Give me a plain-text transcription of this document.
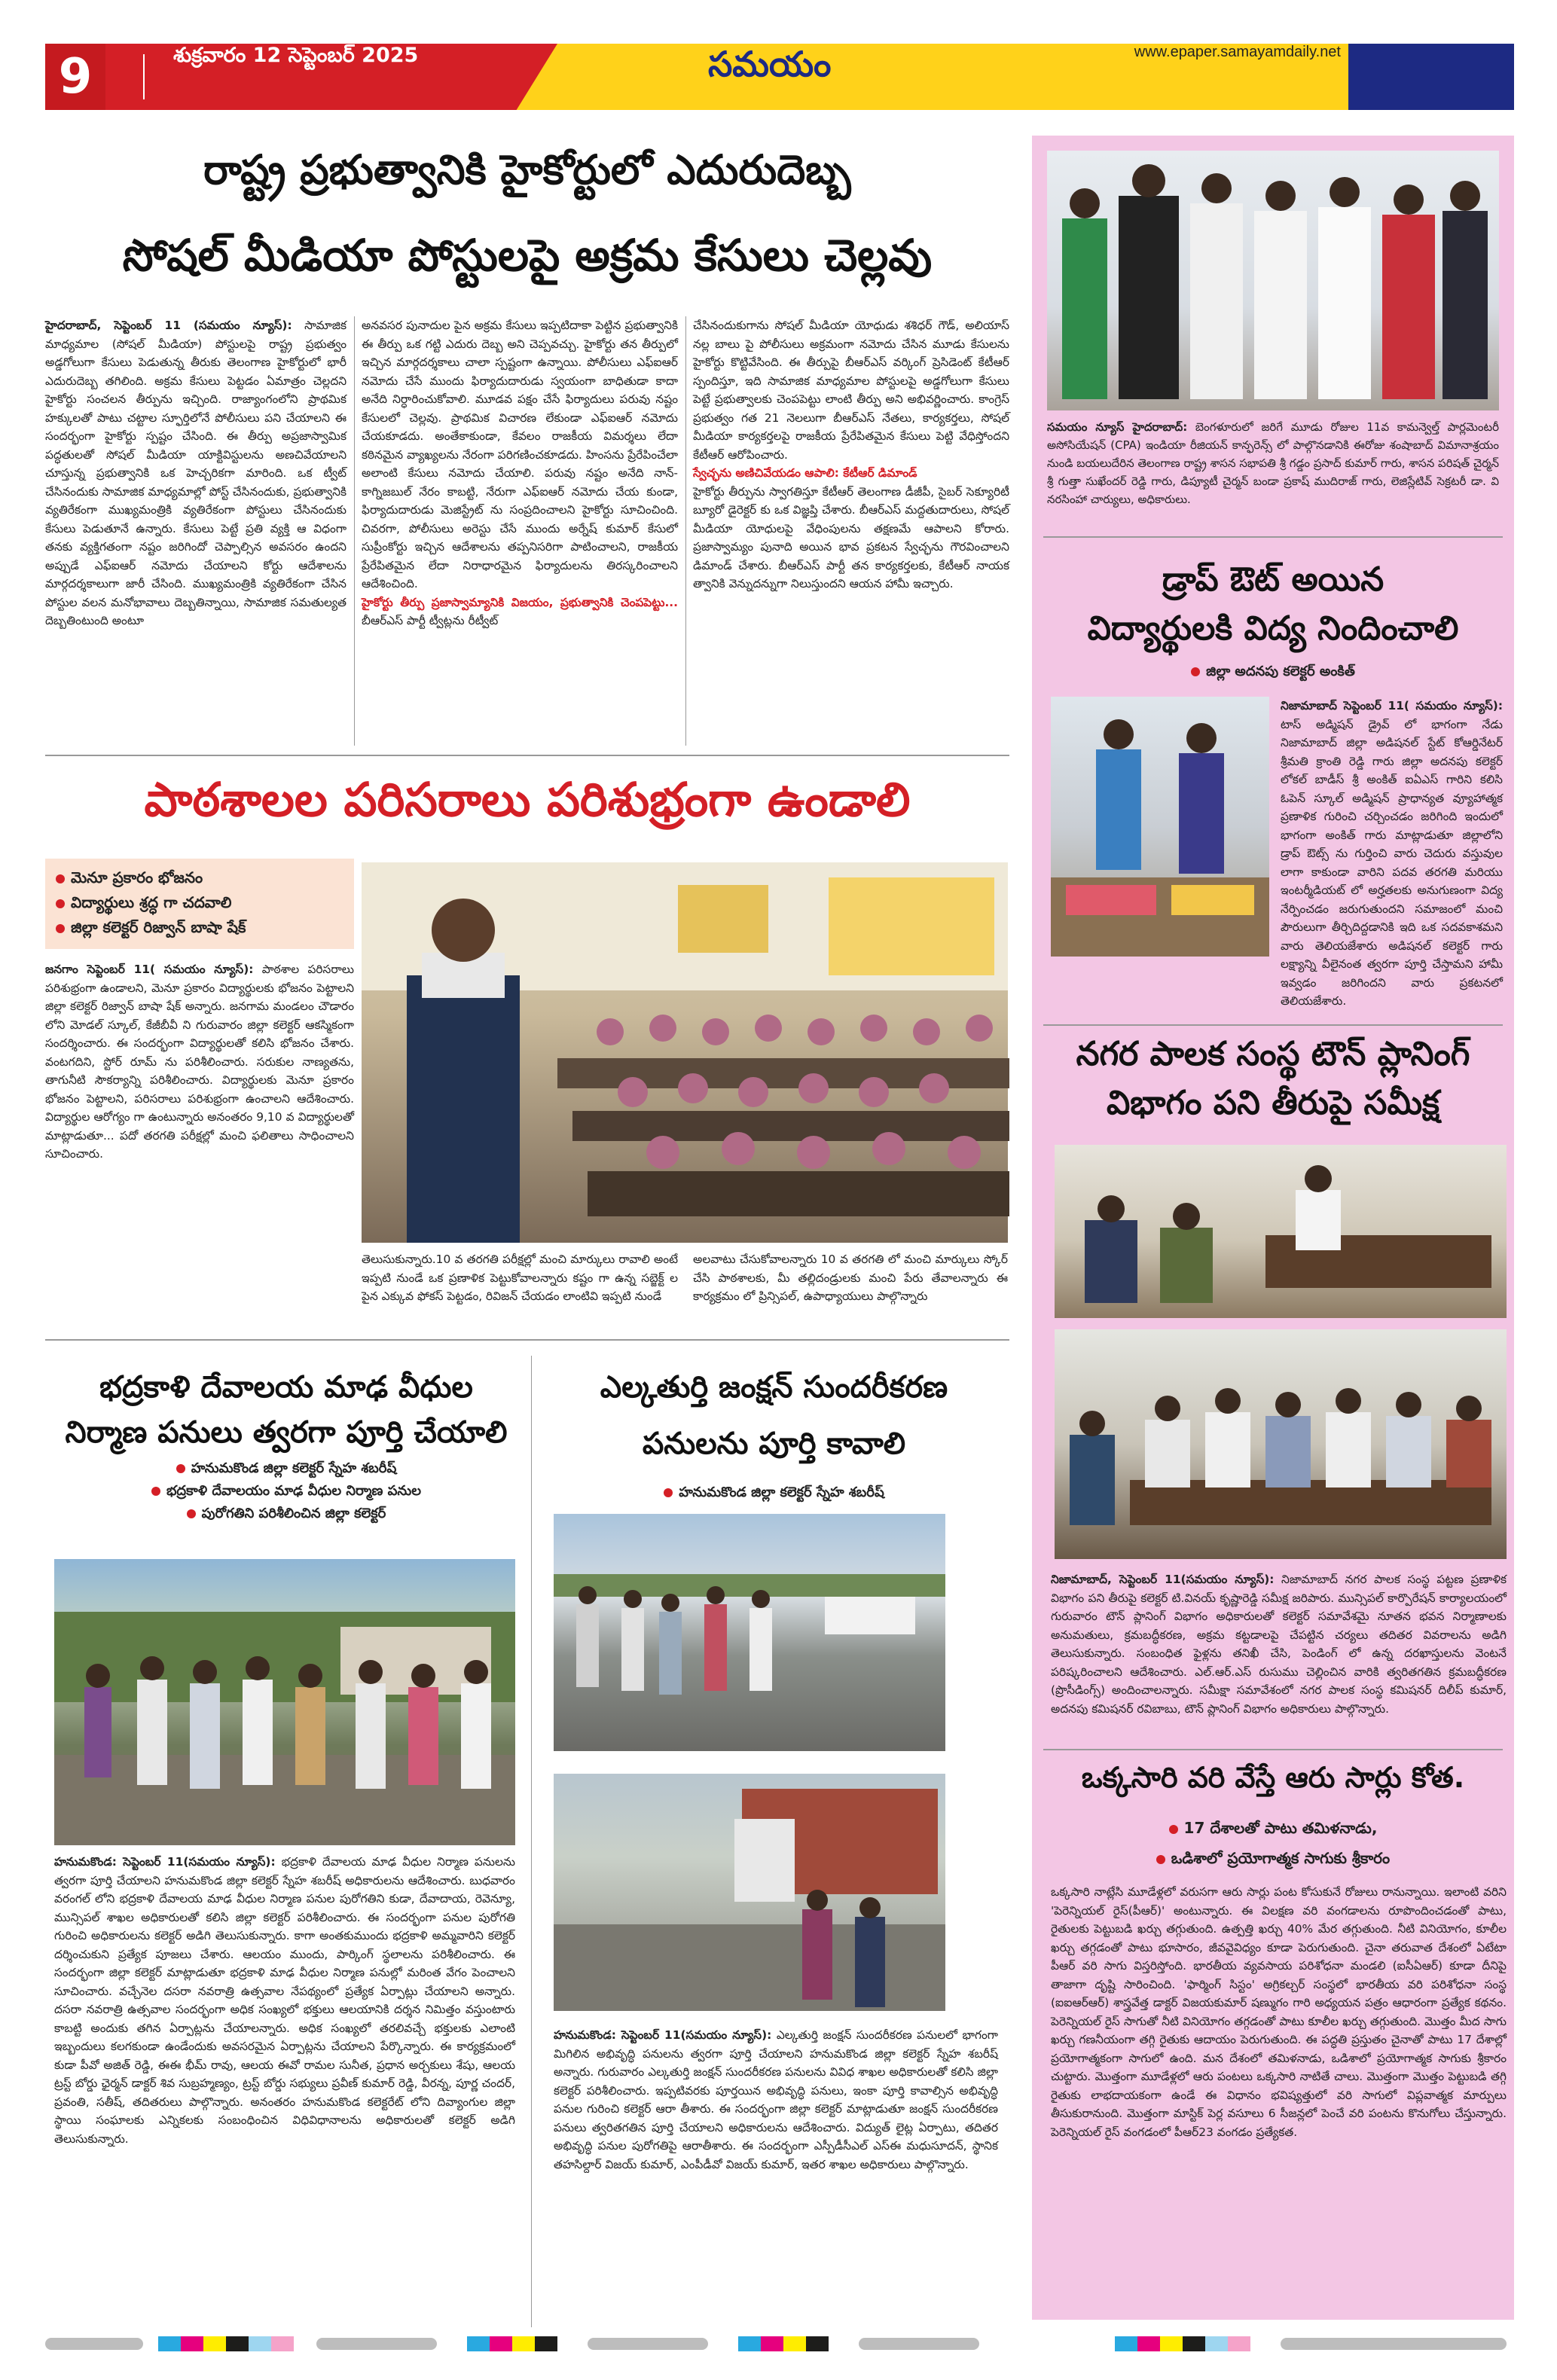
9	శుక్రవారం 12 సెప్టెంబర్ 2025	సమయం	www.epaper.samayamdaily.net
రాష్ట్ర ప్రభుత్వానికి హైకోర్టులో ఎదురుదెబ్బ
సోషల్ మీడియా పోస్టులపై అక్రమ కేసులు చెల్లవు
హైదరాబాద్, సెప్టెంబర్ 11 (సమయం న్యూస్): సామాజిక మాధ్యమాల (సోషల్ మీడియా) పోస్టులపై రాష్ట్ర ప్రభుత్వం అడ్డగోలుగా కేసులు పెడుతున్న తీరుకు తెలంగాణ హైకోర్టులో భారీ ఎదురుదెబ్బ తగిలింది. అక్రమ కేసులు పెట్టడం ఏమాత్రం చెల్లదని హైకోర్టు సంచలన తీర్పును ఇచ్చింది. రాజ్యాంగంలోని ప్రాథమిక హక్కులతో పాటు చట్టాల స్ఫూర్తిలోనే పోలీసులు పని చేయాలని ఈ సందర్భంగా హైకోర్టు స్పష్టం చేసింది. ఈ తీర్పు అప్రజాస్వామిక పద్ధతులతో సోషల్ మీడియా యాక్టివిస్టులను అణచివేయాలని చూస్తున్న ప్రభుత్వానికి ఒక హెచ్చరికగా మారింది. ఒక ట్వీట్ చేసినందుకు సామాజిక మాధ్యమాల్లో పోస్ట్ చేసినందుకు, ప్రభుత్వానికి వ్యతిరేకంగా ముఖ్యమంత్రికి వ్యతిరేకంగా పోస్టులు చేసినందుకు కేసులు పెడుతూనే ఉన్నారు. కేసులు పెట్టే ప్రతి వ్యక్తి ఆ విధంగా తనకు వ్యక్తిగతంగా నష్టం జరిగిందో చెప్పాల్సిన అవసరం ఉందని అప్పుడే ఎఫ్ఐఆర్ నమోదు చేయాలని కోర్టు ఆదేశాలను మార్గదర్శకాలుగా జారీ చేసింది. ముఖ్యమంత్రికి వ్యతిరేకంగా చేసిన పోస్టుల వలన మనోభావాలు దెబ్బతిన్నాయి, సామాజిక సమతుల్యత దెబ్బతింటుంది అంటూ
అనవసర పునాదుల పైన అక్రమ కేసులు ఇప్పటిదాకా పెట్టిన ప్రభుత్వానికి ఈ తీర్పు ఒక గట్టి ఎదురు దెబ్బ అని చెప్పవచ్చు. హైకోర్టు తన తీర్పులో ఇచ్చిన మార్గదర్శకాలు చాలా స్పష్టంగా ఉన్నాయి. పోలీసులు ఎఫ్ఐఆర్ నమోదు చేసే ముందు ఫిర్యాదుదారుడు స్వయంగా బాధితుడా కాదా అనేది నిర్ధారించుకోవాలి. మూడవ పక్షం చేసే ఫిర్యాదులు పరువు నష్టం కేసులలో చెల్లవు. ప్రాథమిక విచారణ లేకుండా ఎఫ్ఐఆర్ నమోదు చేయకూడదు. అంతేకాకుండా, కేవలం రాజకీయ విమర్శలు లేదా కఠినమైన వ్యాఖ్యలను నేరంగా పరిగణించకూడదు. హింసను ప్రేరేపించేలా అలాంటి కేసులు నమోదు చేయాలి. పరువు నష్టం అనేది నాన్-కాగ్నిజబుల్ నేరం కాబట్టి, నేరుగా ఎఫ్ఐఆర్ నమోదు చేయ కుండా, ఫిర్యాదుదారుడు మెజిస్ట్రేట్ ను సంప్రదించాలని హైకోర్టు సూచించింది. చివరగా, పోలీసులు అరెస్టు చేసే ముందు అర్నేష్ కుమార్ కేసులో సుప్రీంకోర్టు ఇచ్చిన ఆదేశాలను తప్పనిసరిగా పాటించాలని, రాజకీయ ప్రేరేపితమైన లేదా నిరాధారమైన ఫిర్యాదులను తిరస్కరించాలని ఆదేశించింది.
హైకోర్టు తీర్పు ప్రజాస్వామ్యానికి విజయం, ప్రభుత్వానికి చెంపపెట్టు... బీఆర్ఎస్ పార్టీ ట్వీట్లను రీట్వీట్
చేసినందుకుగాను సోషల్ మీడియా యోధుడు శశిధర్ గౌడ్, అలియాస్ నల్ల బాలు పై పోలీసులు అక్రమంగా నమోదు చేసిన మూడు కేసులను హైకోర్టు కొట్టివేసింది. ఈ తీర్పుపై బీఆర్ఎస్ వర్కింగ్ ప్రెసిడెంట్ కేటీఆర్ స్పందిస్తూ, ఇది సామాజిక మాధ్యమాల పోస్టులపై అడ్డగోలుగా కేసులు పెట్టే ప్రభుత్వాలకు చెంపపెట్టు లాంటి తీర్పు అని అభివర్ణించారు. కాంగ్రెస్ ప్రభుత్వం గత 21 నెలలుగా బీఆర్ఎస్ నేతలు, కార్యకర్తలు, సోషల్ మీడియా కార్యకర్తలపై రాజకీయ ప్రేరేపితమైన కేసులు పెట్టి వేధిస్తోందని కేటీఆర్ ఆరోపించారు.
స్వేచ్ఛను అణిచివేయడం ఆపాలి: కేటీఆర్ డిమాండ్
హైకోర్టు తీర్పును స్వాగతిస్తూ కేటీఆర్ తెలంగాణ డీజీపీ, సైబర్ సెక్యూరిటీ బ్యూరో డైరెక్టర్ కు ఒక విజ్ఞప్తి చేశారు. బీఆర్ఎస్ మద్దతుదారులు, సోషల్ మీడియా యోధులపై వేధింపులను తక్షణమే ఆపాలని కోరారు. ప్రజాస్వామ్యం పునాది అయిన భావ ప్రకటన స్వేచ్ఛను గౌరవించాలని డిమాండ్ చేశారు. బీఆర్ఎస్ పార్టీ తన కార్యకర్తలకు, కేటీఆర్ నాయక త్వానికి వెన్నుదన్నుగా నిలుస్తుందని ఆయన హామీ ఇచ్చారు.
పాఠశాలల పరిసరాలు పరిశుభ్రంగా ఉండాలి
మెనూ ప్రకారం భోజనం
విద్యార్థులు శ్రద్ధ గా చదవాలి
జిల్లా కలెక్టర్ రిజ్వాన్ బాషా షేక్
జనగాం సెప్టెంబర్ 11( సమయం న్యూస్): పాఠశాల పరిసరాలు పరిశుభ్రంగా ఉండాలని, మెనూ ప్రకారం విద్యార్థులకు భోజనం పెట్టాలని జిల్లా కలెక్టర్ రిజ్వాన్ బాషా షేక్ అన్నారు. జనగామ మండలం చౌడారం లోని మోడల్ స్కూల్, కేజీబీవీ ని గురువారం జిల్లా కలెక్టర్ ఆకస్మికంగా సందర్శించారు. ఈ సందర్భంగా విద్యార్థులతో కలిసి భోజనం చేశారు. వంటగదిని, స్టోర్ రూమ్ ను పరిశీలించారు. సరుకుల నాణ్యతను, తాగునీటి సౌకర్యాన్ని పరిశీలించారు. విద్యార్థులకు మెనూ ప్రకారం భోజనం పెట్టాలని, పరిసరాలు పరిశుభ్రంగా ఉంచాలని ఆదేశించారు. విద్యార్థుల ఆరోగ్యం గా ఉంటున్నారు అనంతరం 9,10 వ విద్యార్థులతో మాట్లాడుతూ... పదో తరగతి పరీక్షల్లో మంచి ఫలితాలు సాధించాలని సూచించారు.
తెలుసుకున్నారు.10 వ తరగతి పరీక్షల్లో మంచి మార్కులు రావాలి అంటే ఇప్పటి నుండే ఒక ప్రణాళిక పెట్టుకోవాలన్నారు కష్టం గా ఉన్న సబ్జెక్ట్ ల పైన ఎక్కువ ఫోకస్ పెట్టడం, రివిజన్ చేయడం లాంటివి ఇప్పటి నుండే
అలవాటు చేసుకోవాలన్నారు 10 వ తరగతి లో మంచి మార్కులు స్కోర్ చేసి పాఠశాలకు, మీ తల్లిదండ్రులకు మంచి పేరు తేవాలన్నారు ఈ కార్యక్రమం లో ప్రిన్సిపల్, ఉపాధ్యాయులు పాల్గొన్నారు
భద్రకాళి దేవాలయ మాఢ వీధుల
నిర్మాణ పనులు త్వరగా పూర్తి చేయాలి
హనుమకొండ జిల్లా కలెక్టర్ స్నేహ శబరీష్
భద్రకాళి దేవాలయం మాఢ వీధుల నిర్మాణ పనుల
పురోగతిని పరిశీలించిన జిల్లా కలెక్టర్
హనుమకొండ: సెప్టెంబర్ 11(సమయం న్యూస్): భద్రకాళి దేవాలయ మాఢ వీధుల నిర్మాణ పనులను త్వరగా పూర్తి చేయాలని హనుమకొండ జిల్లా కలెక్టర్ స్నేహ శబరీష్ అధికారులను ఆదేశించారు. బుధవారం వరంగల్ లోని భద్రకాళి దేవాలయ మాఢ వీధుల నిర్మాణ పనుల పురోగతిని కుడా, దేవాదాయ, రెవెన్యూ, మున్సిపల్ శాఖల అధికారులతో కలిసి జిల్లా కలెక్టర్ పరిశీలించారు. ఈ సందర్భంగా పనుల పురోగతి గురించి అధికారులను కలెక్టర్ అడిగి తెలుసుకున్నారు. కాగా అంతకుముందు భద్రకాళి అమ్మవారిని కలెక్టర్ దర్శించుకుని ప్రత్యేక పూజలు చేశారు. ఆలయం ముందు, పార్కింగ్ స్థలాలను పరిశీలించారు. ఈ సందర్భంగా జిల్లా కలెక్టర్ మాట్లాడుతూ భద్రకాళి మాఢ వీధుల నిర్మాణ పనుల్లో మరింత వేగం పెంచాలని సూచించారు. వచ్చేనెల దసరా నవరాత్రి ఉత్సవాల నేపథ్యంలో ప్రత్యేక ఏర్పాట్లు చేయాలని అన్నారు. దసరా నవరాత్రి ఉత్సవాల సందర్భంగా అధిక సంఖ్యలో భక్తులు ఆలయానికి దర్శన నిమిత్తం వస్తుంటారు కాబట్టి అందుకు తగిన ఏర్పాట్లను చేయాలన్నారు. అధిక సంఖ్యలో తరలివచ్చే భక్తులకు ఎలాంటి ఇబ్బందులు కలగకుండా ఉండేందుకు అవసరమైన ఏర్పాట్లను చేయాలని పేర్కొన్నారు. ఈ కార్యక్రమంలో కుడా పీవో అజిత్ రెడ్డి, ఈఈ భీమ్ రావు, ఆలయ ఈవో రామల సునీత, ప్రధాన అర్చకులు శేషు, ఆలయ ట్రస్ట్ బోర్డు ఛైర్మన్ డాక్టర్ శివ సుబ్రహ్మణ్యం, ట్రస్ట్ బోర్డు సభ్యులు ప్రవీణ్ కుమార్ రెడ్డి, వీరన్న, పూర్ణ చందర్, ప్రవంతి, సతీష్, తదితరులు పాల్గొన్నారు. అనంతరం హనుమకొండ కలెక్టరేట్ లోని దివ్యాంగుల జిల్లా స్థాయి సంఘాలకు ఎన్నికలకు సంబంధించిన విధివిధానాలను అధికారులతో కలెక్టర్ అడిగి తెలుసుకున్నారు.
ఎల్కతుర్తి జంక్షన్ సుందరీకరణ
పనులను పూర్తి కావాలి
హనుమకొండ జిల్లా కలెక్టర్ స్నేహ శబరీష్
హనుమకొండ: సెప్టెంబర్ 11(సమయం న్యూస్): ఎల్కతుర్తి జంక్షన్ సుందరీకరణ పనులలో భాగంగా మిగిలిన అభివృద్ధి పనులను త్వరగా పూర్తి చేయాలని హనుమకొండ జిల్లా కలెక్టర్ స్నేహ శబరీష్ అన్నారు. గురువారం ఎల్కతుర్తి జంక్షన్ సుందరీకరణ పనులను వివిధ శాఖల అధికారులతో కలిసి జిల్లా కలెక్టర్ పరిశీలించారు. ఇప్పటివరకు పూర్తయిన అభివృద్ధి పనులు, ఇంకా పూర్తి కావాల్సిన అభివృద్ధి పనుల గురించి కలెక్టర్ ఆరా తీశారు. ఈ సందర్భంగా జిల్లా కలెక్టర్ మాట్లాడుతూ జంక్షన్ సుందరీకరణ పనులు త్వరితగతిన పూర్తి చేయాలని అధికారులను ఆదేశించారు. విద్యుత్ లైట్ల ఏర్పాటు, తదితర అభివృద్ధి పనుల పురోగతిపై ఆరాతీశారు. ఈ సందర్భంగా ఎస్పీడీసీఎల్ ఎస్ఈ మధుసూదన్, స్థానిక తహసిల్దార్ విజయ్ కుమార్, ఎంపీడీవో విజయ్ కుమార్, ఇతర శాఖల అధికారులు పాల్గొన్నారు.
సమయం న్యూస్ హైదరాబాద్: బెంగళూరులో జరిగే మూడు రోజుల 11వ కామన్వెల్త్ పార్లమెంటరీ అసోసియేషన్ (CPA) ఇండియా రీజియన్ కాన్ఫరెన్స్ లో పాల్గొనడానికి ఈరోజు శంషాబాద్ విమానాశ్రయం నుండి బయలుదేరిన తెలంగాణ రాష్ట్ర శాసన సభాపతి శ్రీ గడ్డం ప్రసాద్ కుమార్ గారు, శాసన పరిషత్ చైర్మన్ శ్రీ గుత్తా సుఖేందర్ రెడ్డి గారు, డిప్యూటీ చైర్మన్ బండా ప్రకాష్ ముదిరాజ్ గారు, లెజిస్లేటివ్ సెక్రటరీ డా. వి నరసింహా చార్యులు, అధికారులు.
డ్రాప్ ఔట్ అయిన
విద్యార్థులకి విద్య నిందించాలి
జిల్లా అదనపు కలెక్టర్ అంకిత్
నిజామాబాద్ సెప్టెంబర్ 11( సమయం న్యూస్): టాస్ అడ్మిషన్ డ్రైవ్ లో భాగంగా నేడు నిజామాబాద్ జిల్లా అడిషనల్ స్టేట్ కోఆర్డినేటర్ శ్రీమతి క్రాంతి రెడ్డి గారు జిల్లా అదనపు కలెక్టర్ లోకల్ బాడీస్ శ్రీ అంకిత్ ఐఏఎస్ గారిని కలిసి ఓపెన్ స్కూల్ అడ్మిషన్ ప్రాధాన్యత వ్యూహాత్మక ప్రణాళిక గురించి చర్చించడం జరిగింది ఇందులో భాగంగా అంకిత్ గారు మాట్లాడుతూ జిల్లాలోని డ్రాప్ ఔట్స్ ను గుర్తించి వారు చెదురు వస్తువుల లాగా కాకుండా వారిని పదవ తరగతి మరియు ఇంటర్మీడియట్ లో అర్హతలకు అనుగుణంగా విద్య నేర్పించడం జరుగుతుందని సమాజంలో మంచి పౌరులుగా తీర్చిదిద్దడానికి ఇది ఒక సదవకాశమని వారు తెలియజేశారు అడిషనల్ కలెక్టర్ గారు లక్ష్యాన్ని వీలైనంత త్వరగా పూర్తి చేస్తామని హామీ ఇవ్వడం జరిగిందని వారు ప్రకటనలో తెలియజేశారు.
నగర పాలక సంస్థ టౌన్ ప్లానింగ్
విభాగం పని తీరుపై సమీక్ష
నిజామాబాద్, సెప్టెంబర్ 11(సమయం న్యూస్): నిజామాబాద్ నగర పాలక సంస్థ పట్టణ ప్రణాళిక విభాగం పని తీరుపై కలెక్టర్ టి.వినయ్ కృష్ణారెడ్డి సమీక్ష జరిపారు. మున్సిపల్ కార్పొరేషన్ కార్యాలయంలో గురువారం టౌన్ ప్లానింగ్ విభాగం అధికారులతో కలెక్టర్ సమావేశమై నూతన భవన నిర్మాణాలకు అనుమతులు, క్రమబద్ధీకరణ, అక్రమ కట్టడాలపై చేపట్టిన చర్యలు తదితర వివరాలను అడిగి తెలుసుకున్నారు. సంబంధిత ఫైళ్లను తనిఖీ చేసి, పెండింగ్ లో ఉన్న దరఖాస్తులను వెంటనే పరిష్కరించాలని ఆదేశించారు. ఎల్.ఆర్.ఎస్ రుసుము చెల్లించిన వారికి త్వరితగతిన క్రమబద్ధీకరణ (ప్రొసీడింగ్స్) అందించాలన్నారు. సమీక్షా సమావేశంలో నగర పాలక సంస్థ కమిషనర్ దిలీప్ కుమార్, అదనపు కమిషనర్ రవిబాబు, టౌన్ ప్లానింగ్ విభాగం అధికారులు పాల్గొన్నారు.
ఒక్కసారి వరి వేస్తే ఆరు సార్లు కోత.
17 దేశాలతో పాటు తమిళనాడు,
ఒడిశాలో ప్రయోగాత్మక సాగుకు శ్రీకారం
ఒక్కసారి నాట్లేసి మూడేళ్లలో వరుసగా ఆరు సార్లు పంట కోసుకునే రోజులు రానున్నాయి. ఇలాంటి వరిని 'పెరెన్నియల్ రైస్(పీఆర్)' అంటున్నారు. ఈ విలక్షణ వరి వంగడాలను రూపొందించడంతో పాటు, రైతులకు పెట్టుబడి ఖర్చు తగ్గుతుంది. ఉత్పత్తి ఖర్చు 40% మేర తగ్గుతుంది. నీటి వినియోగం, కూలీల ఖర్చు తగ్గడంతో పాటు భూసారం, జీవవైవిధ్యం కూడా పెరుగుతుంది. చైనా తరువాత దేశంలో ఏటేటా పీఆర్ వరి సాగు విస్తరిస్తోంది. భారతీయ వ్యవసాయ పరిశోధనా మండలి (ఐసీఏఆర్) కూడా దీనిపై తాజాగా దృష్టి సారించింది. 'ఫార్మింగ్ సిస్టం' అగ్రికల్చర్ సంస్థలో భారతీయ వరి పరిశోధనా సంస్థ (ఐఐఆర్ఆర్) శాస్త్రవేత్త డాక్టర్ విజయకుమార్ షణ్ముగం గారి అధ్యయన పత్రం ఆధారంగా ప్రత్యేక కథనం. పెరెన్నియల్ రైస్ సాగుతో నీటి వినియోగం తగ్గడంతో పాటు కూలీల ఖర్చు తగ్గుతుంది. మొత్తం మీద సాగు ఖర్చు గణనీయంగా తగ్గి రైతుకు ఆదాయం పెరుగుతుంది. ఈ పద్ధతి ప్రస్తుతం చైనాతో పాటు 17 దేశాల్లో ప్రయోగాత్మకంగా సాగులో ఉంది. మన దేశంలో తమిళనాడు, ఒడిశాలో ప్రయోగాత్మక సాగుకు శ్రీకారం చుట్టారు. మొత్తంగా మూడేళ్లలో ఆరు పంటలు ఒక్కసారి నాటితే చాలు. మొత్తంగా మొత్తం పెట్టుబడి తగ్గి రైతుకు లాభదాయకంగా ఉండే ఈ విధానం భవిష్యత్తులో వరి సాగులో విప్లవాత్మక మార్పులు తీసుకురానుంది. మొత్తంగా మాస్టిక్ పెర్ల వసూలు 6 సీజన్లలో పెంచే వరి పంటను కొనుగోలు చేస్తున్నారు. పెరెన్నియల్ రైస్ వంగడంలో పీఆర్23 వంగడం ప్రత్యేకత.
